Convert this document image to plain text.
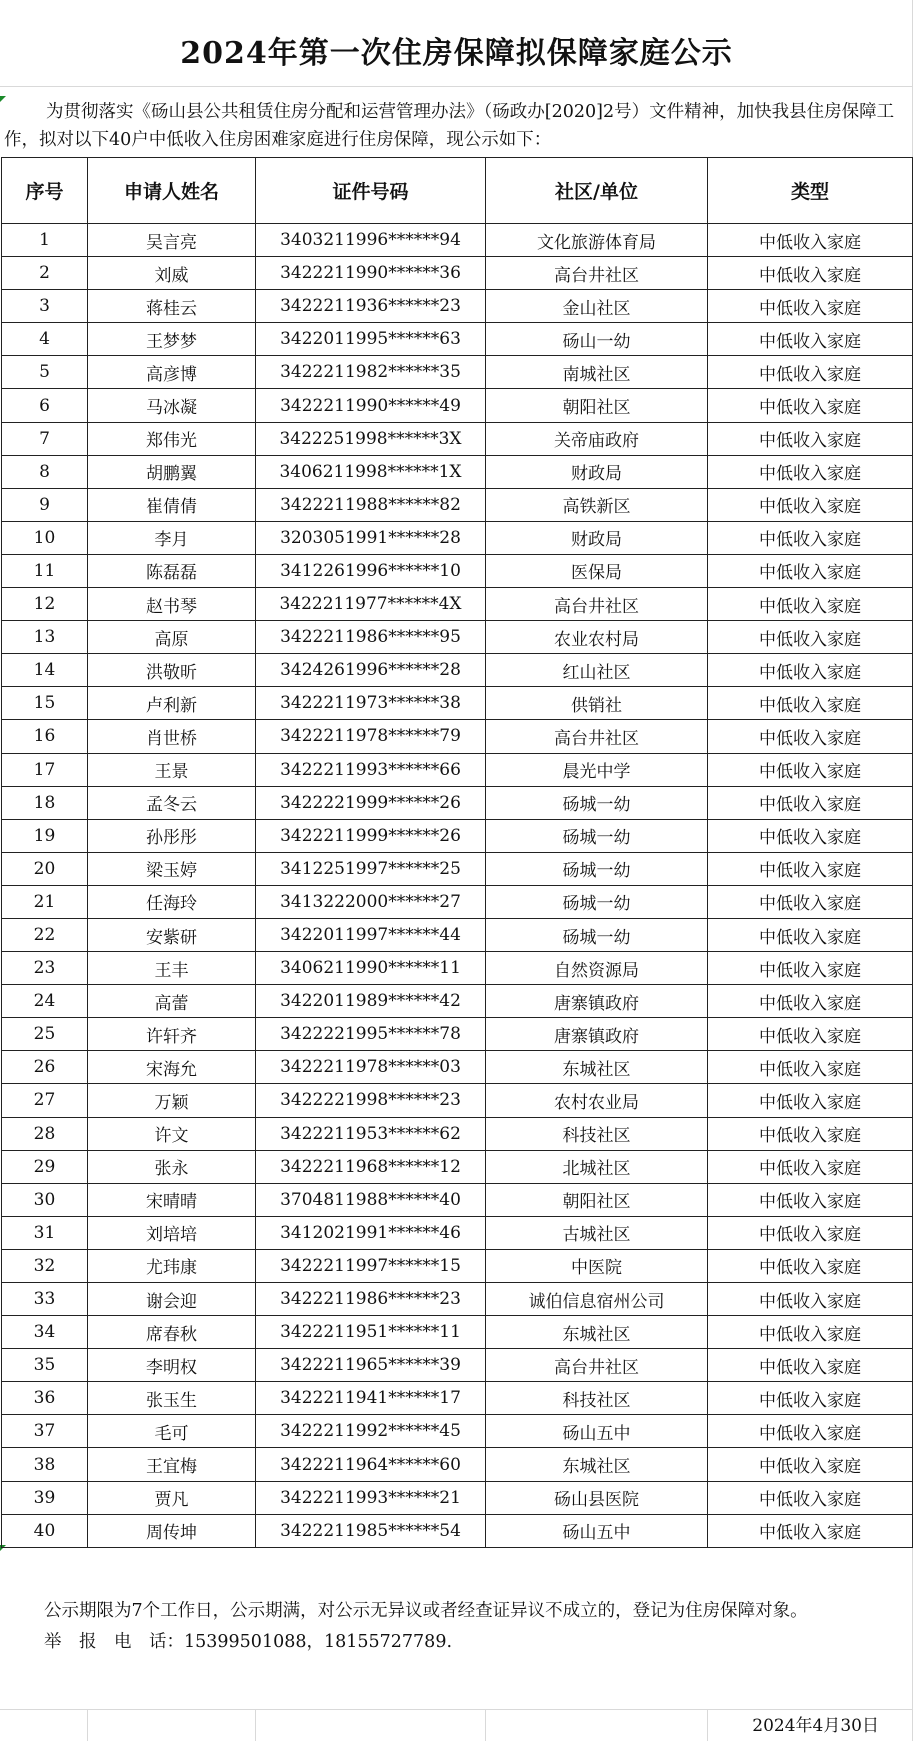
2024年第一次住房保障拟保障家庭公示
为贯彻落实《砀山县公共租赁住房分配和运营管理办法》（砀政办[2020]2号）文件精神，加快我县住房保障工作，拟对以下40户中低收入住房困难家庭进行住房保障，现公示如下：
序号	申请人姓名	证件号码	社区/单位	类型
1	吴言亮	3403211996******94	文化旅游体育局	中低收入家庭
2	刘威	3422211990******36	高台井社区	中低收入家庭
3	蒋桂云	3422211936******23	金山社区	中低收入家庭
4	王梦梦	3422011995******63	砀山一幼	中低收入家庭
5	高彦博	3422211982******35	南城社区	中低收入家庭
6	马冰凝	3422211990******49	朝阳社区	中低收入家庭
7	郑伟光	3422251998******3X	关帝庙政府	中低收入家庭
8	胡鹏翼	3406211998******1X	财政局	中低收入家庭
9	崔倩倩	3422211988******82	高铁新区	中低收入家庭
10	李月	3203051991******28	财政局	中低收入家庭
11	陈磊磊	3412261996******10	医保局	中低收入家庭
12	赵书琴	3422211977******4X	高台井社区	中低收入家庭
13	高原	3422211986******95	农业农村局	中低收入家庭
14	洪敬昕	3424261996******28	红山社区	中低收入家庭
15	卢利新	3422211973******38	供销社	中低收入家庭
16	肖世桥	3422211978******79	高台井社区	中低收入家庭
17	王景	3422211993******66	晨光中学	中低收入家庭
18	孟冬云	3422221999******26	砀城一幼	中低收入家庭
19	孙彤彤	3422211999******26	砀城一幼	中低收入家庭
20	梁玉婷	3412251997******25	砀城一幼	中低收入家庭
21	任海玲	3413222000******27	砀城一幼	中低收入家庭
22	安紫研	3422011997******44	砀城一幼	中低收入家庭
23	王丰	3406211990******11	自然资源局	中低收入家庭
24	高蕾	3422011989******42	唐寨镇政府	中低收入家庭
25	许轩齐	3422221995******78	唐寨镇政府	中低收入家庭
26	宋海允	3422211978******03	东城社区	中低收入家庭
27	万颖	3422221998******23	农村农业局	中低收入家庭
28	许文	3422211953******62	科技社区	中低收入家庭
29	张永	3422211968******12	北城社区	中低收入家庭
30	宋晴晴	3704811988******40	朝阳社区	中低收入家庭
31	刘培培	3412021991******46	古城社区	中低收入家庭
32	尤玮康	3422211997******15	中医院	中低收入家庭
33	谢会迎	3422211986******23	诚伯信息宿州公司	中低收入家庭
34	席春秋	3422211951******11	东城社区	中低收入家庭
35	李明权	3422211965******39	高台井社区	中低收入家庭
36	张玉生	3422211941******17	科技社区	中低收入家庭
37	毛可	3422211992******45	砀山五中	中低收入家庭
38	王宜梅	3422211964******60	东城社区	中低收入家庭
39	贾凡	3422211993******21	砀山县医院	中低收入家庭
40	周传坤	3422211985******54	砀山五中	中低收入家庭
公示期限为7个工作日，公示期满，对公示无异议或者经查证异议不成立的，登记为住房保障对象。
举　报　电　话：15399501088，18155727789.
2024年4月30日
